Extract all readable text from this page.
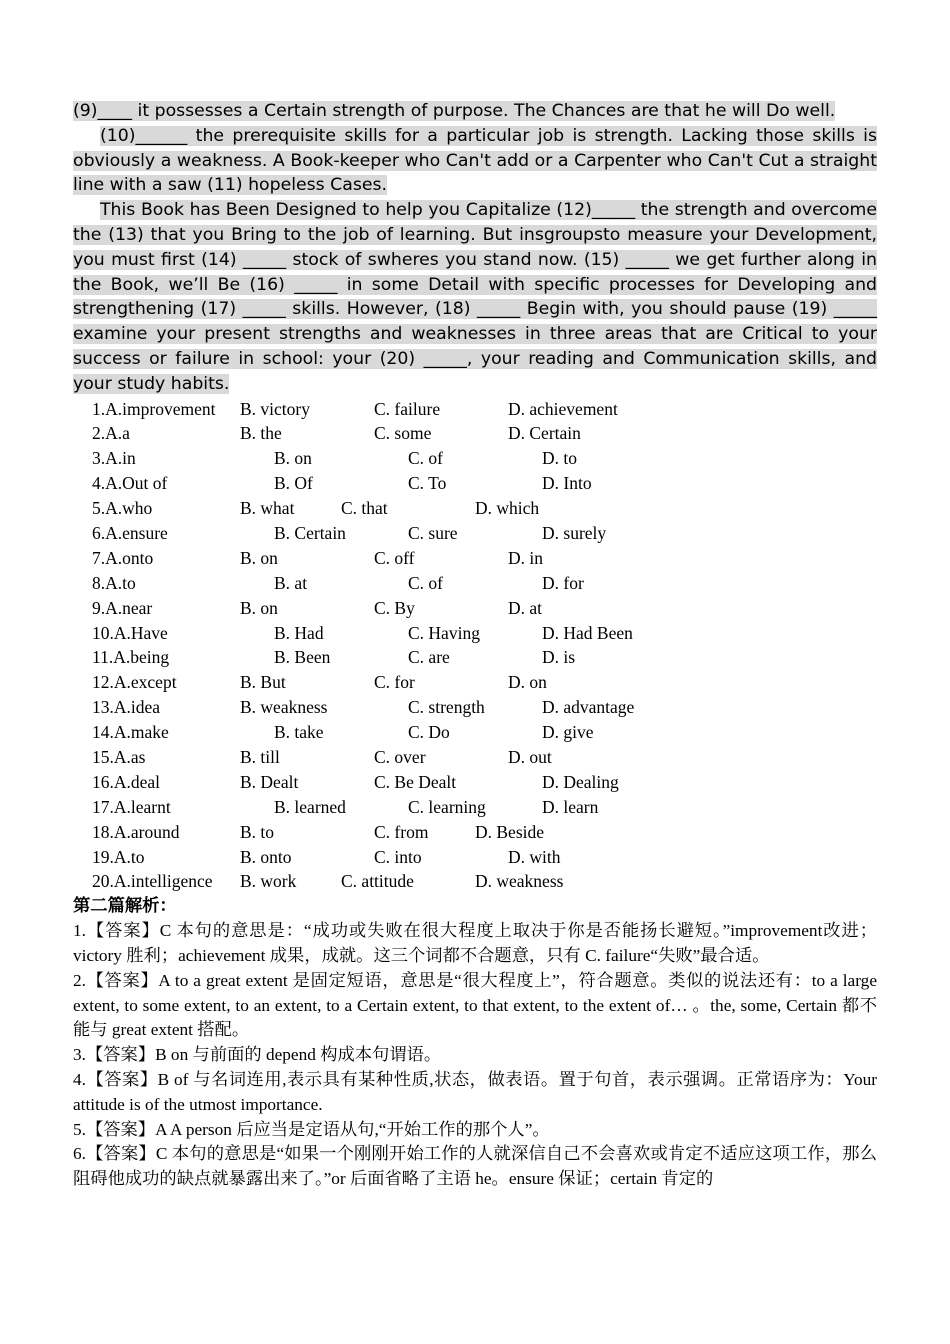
(9)____ it possesses a Certain strength of purpose. The Chances are that he will Do well.

(10)______ the prerequisite skills for a particular job is strength. Lacking those skills is obviously a weakness. A Book-keeper who Can't add or a Carpenter who Can't Cut a straight line with a saw (11) hopeless Cases.

This Book has Been Designed to help you Capitalize (12)_____ the strength and overcome the (13) that you Bring to the job of learning. But insgroupsto measure your Development, you must first (14) _____ stock of swheres you stand now. (15) _____ we get further along in the Book, we’ll Be (16) _____ in some Detail with specific processes for Developing and strengthening (17) _____ skills. However, (18) _____ Begin with, you should pause (19) _____ examine your present strengths and weaknesses in three areas that are Critical to your success or failure in school: your (20) _____, your reading and Communication skills, and your study habits.

1.A.improvement B. victory	C. failure	D. achievement
2.A.a	B. the	C. some	D. Certain
3.A.in	B. on	C. of	D. to
4.A.Out of	B. Of	C. To	D. Into
5.A.who	B. what	C. that	D. which
6.A.ensure	B. Certain	C. sure	D. surely
7.A.onto	B. on	C. off	D. in
8.A.to	B. at	C. of	D. for
9.A.near	B. on	C. By	D. at
10.A.Have	B. Had	C. Having	D. Had Been
11.A.being	B. Been	C. are	D. is
12.A.except	B. But	C. for	D. on
13.A.idea	B. weakness	C. strength	D. advantage
14.A.make	B. take	C. Do	D. give
15.A.as	B. till	C. over	D. out
16.A.deal	B. Dealt	C. Be Dealt	D. Dealing
17.A.learnt	B. learned	C. learning	D. learn
18.A.around	B. to	C. from	D. Beside
19.A.to	B. onto	C. into	D. with
20.A.intelligence B. work	C. attitude	D. weakness

第二篇解析：

1.【答案】C 本句的意思是：“成功或失败在很大程度上取决于你是否能扬长避短。”improvement改进；victory 胜利；achievement 成果，成就。这三个词都不合题意，只有 C. failure“失败”最合适。

2.【答案】A to a great extent 是固定短语，意思是“很大程度上”，符合题意。类似的说法还有：to a large extent, to some extent, to an extent, to a Certain extent, to that extent, to the extent of… 。the, some, Certain 都不能与 great extent 搭配。

3.【答案】B on 与前面的 depend 构成本句谓语。

4.【答案】B of 与名词连用,表示具有某种性质,状态，做表语。置于句首，表示强调。正常语序为：Your attitude is of the utmost importance.

5.【答案】A A person 后应当是定语从句,“开始工作的那个人”。

6.【答案】C 本句的意思是“如果一个刚刚开始工作的人就深信自己不会喜欢或肯定不适应这项工作，那么阻碍他成功的缺点就暴露出来了。”or 后面省略了主语 he。ensure 保证；certain 肯定的
